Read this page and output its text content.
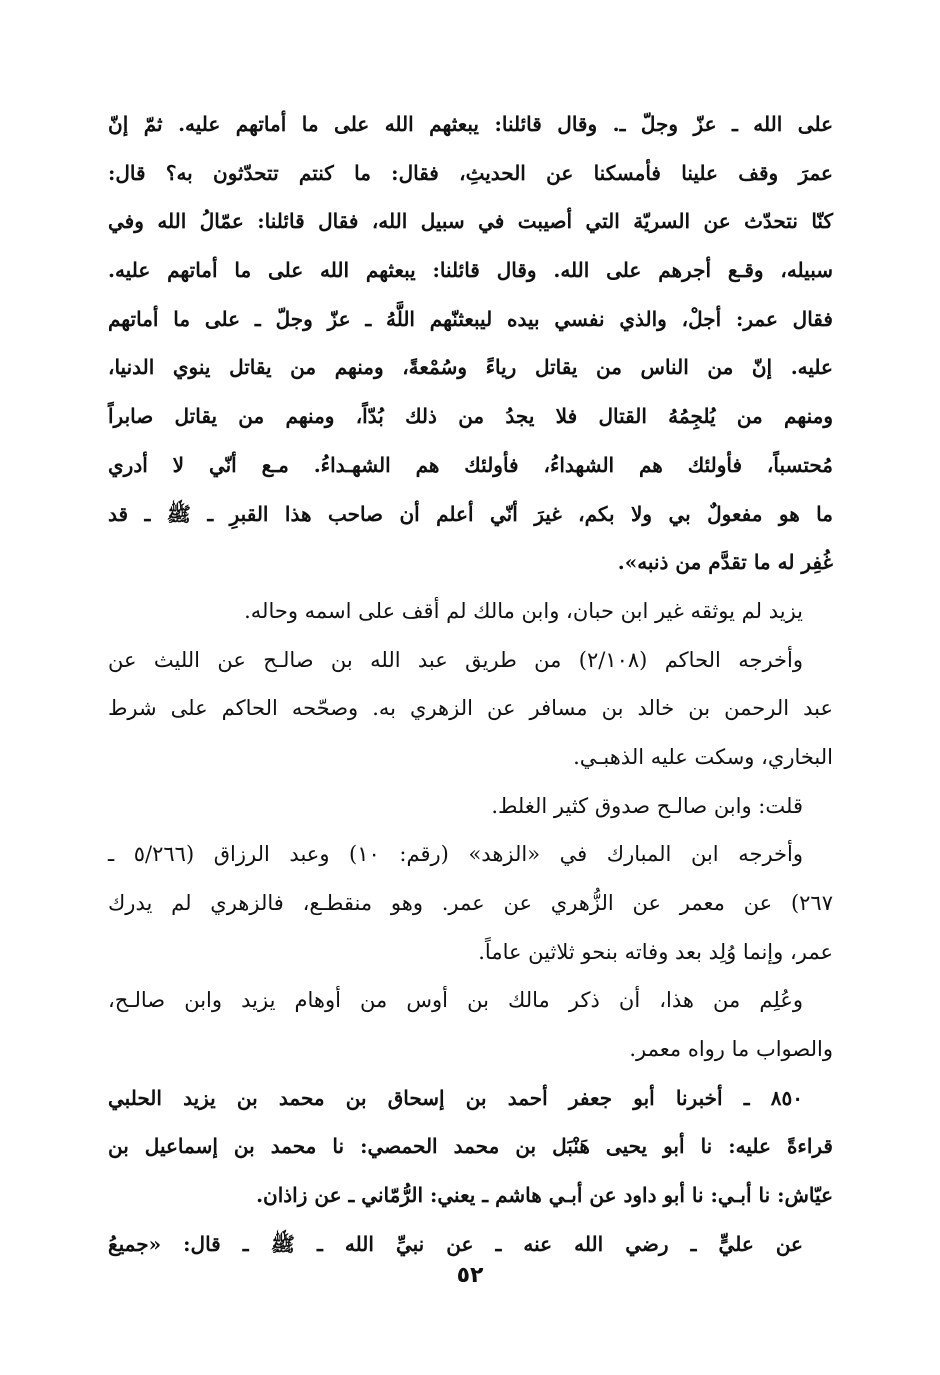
على الله ـ عزّ وجلّ ـ. وقال قائلنا: يبعثهم الله على ما أماتهم عليه. ثمّ إنّ
عمرَ وقف علينا فأمسكنا عن الحديثِ، فقال: ما كنتم تتحدّثون به؟ قال:
كنّا نتحدّث عن السريّة التي أصيبت في سبيل الله، فقال قائلنا: عمّالُ الله وفي
سبيله، وقـع أجرهم على الله. وقال قائلنا: يبعثهم الله على ما أماتهم عليه.
فقال عمر: أجلْ، والذي نفسي بيده ليبعثنّهم اللَّهُ ـ عزّ وجلّ ـ على ما أماتهم
عليه. إنّ من الناس من يقاتل رياءً وسُمْعةً، ومنهم من يقاتل ينوي الدنيا،
ومنهم من يُلجِمُهُ القتال فلا يجدُ من ذلك بُدّاً، ومنهم من يقاتل صابراً
مُحتسباً، فأولئك هم الشهداءُ، فأولئك هم الشهـداءُ. مـع أنّي لا أدري
ما هو مفعولٌ بي ولا بكم، غيرَ أنّي أعلم أن صاحب هذا القبرِ ـ ﷺ ـ قد
غُفِر له ما تقدَّم من ذنبه».
يزيد لم يوثقه غير ابن حبان، وابن مالك لم أقف على اسمه وحاله.
وأخرجه الحاكم (٢/١٠٨) من طريق عبد الله بن صالـح عن الليث عن
عبد الرحمن بن خالد بن مسافر عن الزهري به. وصحّحه الحاكم على شرط
البخاري، وسكت عليه الذهبـي.
قلت: وابن صالـح صدوق كثير الغلط.
وأخرجه ابن المبارك في «الزهد» (رقم: ١٠) وعبد الرزاق (٥/٢٦٦ ـ
٢٦٧) عن معمر عن الزُّهري عن عمر. وهو منقطـع، فالزهري لم يدرك
عمر، وإنما وُلِد بعد وفاته بنحو ثلاثين عاماً.
وعُلِم من هذا، أن ذكر مالك بن أوس من أوهام يزيد وابن صالـح،
والصواب ما رواه معمر.
٨٥٠ ـ أخبرنا أبو جعفر أحمد بن إسحاق بن محمد بن يزيد الحلبي
قراءةً عليه: نا أبو يحيى هَنْبَل بن محمد الحمصي: نا محمد بن إسماعيل بن
عيّاش: نا أبـي: نا أبو داود عن أبـي هاشم ـ يعني: الرُّمّاني ـ عن زاذان.
عن عليٍّ ـ رضي الله عنه ـ عن نبيِّ الله ـ ﷺ ـ قال: «جميعُ
٥٢
